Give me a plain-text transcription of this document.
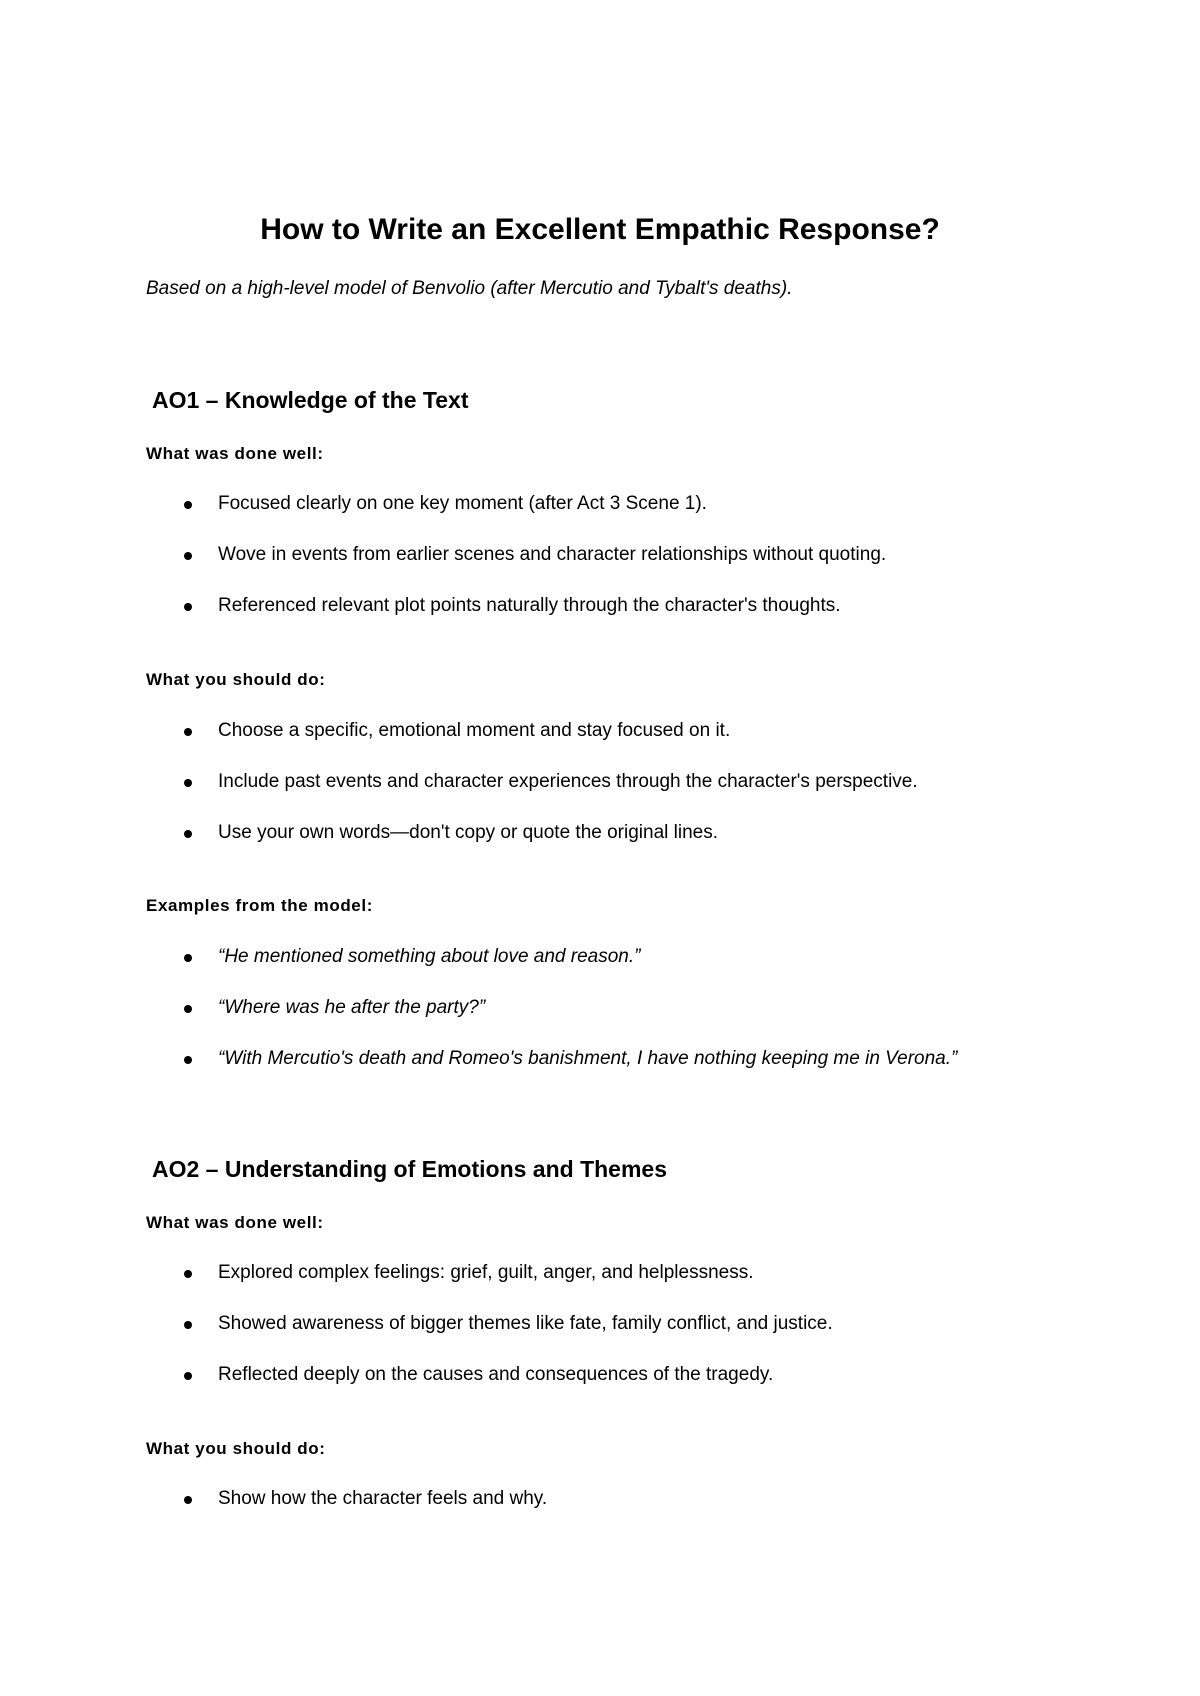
How to Write an Excellent Empathic Response?

Based on a high-level model of Benvolio (after Mercutio and Tybalt's deaths).

AO1 – Knowledge of the Text

What was done well:

Focused clearly on one key moment (after Act 3 Scene 1).
Wove in events from earlier scenes and character relationships without quoting.
Referenced relevant plot points naturally through the character's thoughts.

What you should do:

Choose a specific, emotional moment and stay focused on it.
Include past events and character experiences through the character's perspective.
Use your own words—don't copy or quote the original lines.

Examples from the model:

“He mentioned something about love and reason.”
“Where was he after the party?”
“With Mercutio's death and Romeo's banishment, I have nothing keeping me in Verona.”
AO2 – Understanding of Emotions and Themes

What was done well:

Explored complex feelings: grief, guilt, anger, and helplessness.
Showed awareness of bigger themes like fate, family conflict, and justice.
Reflected deeply on the causes and consequences of the tragedy.

What you should do:

Show how the character feels and why.
